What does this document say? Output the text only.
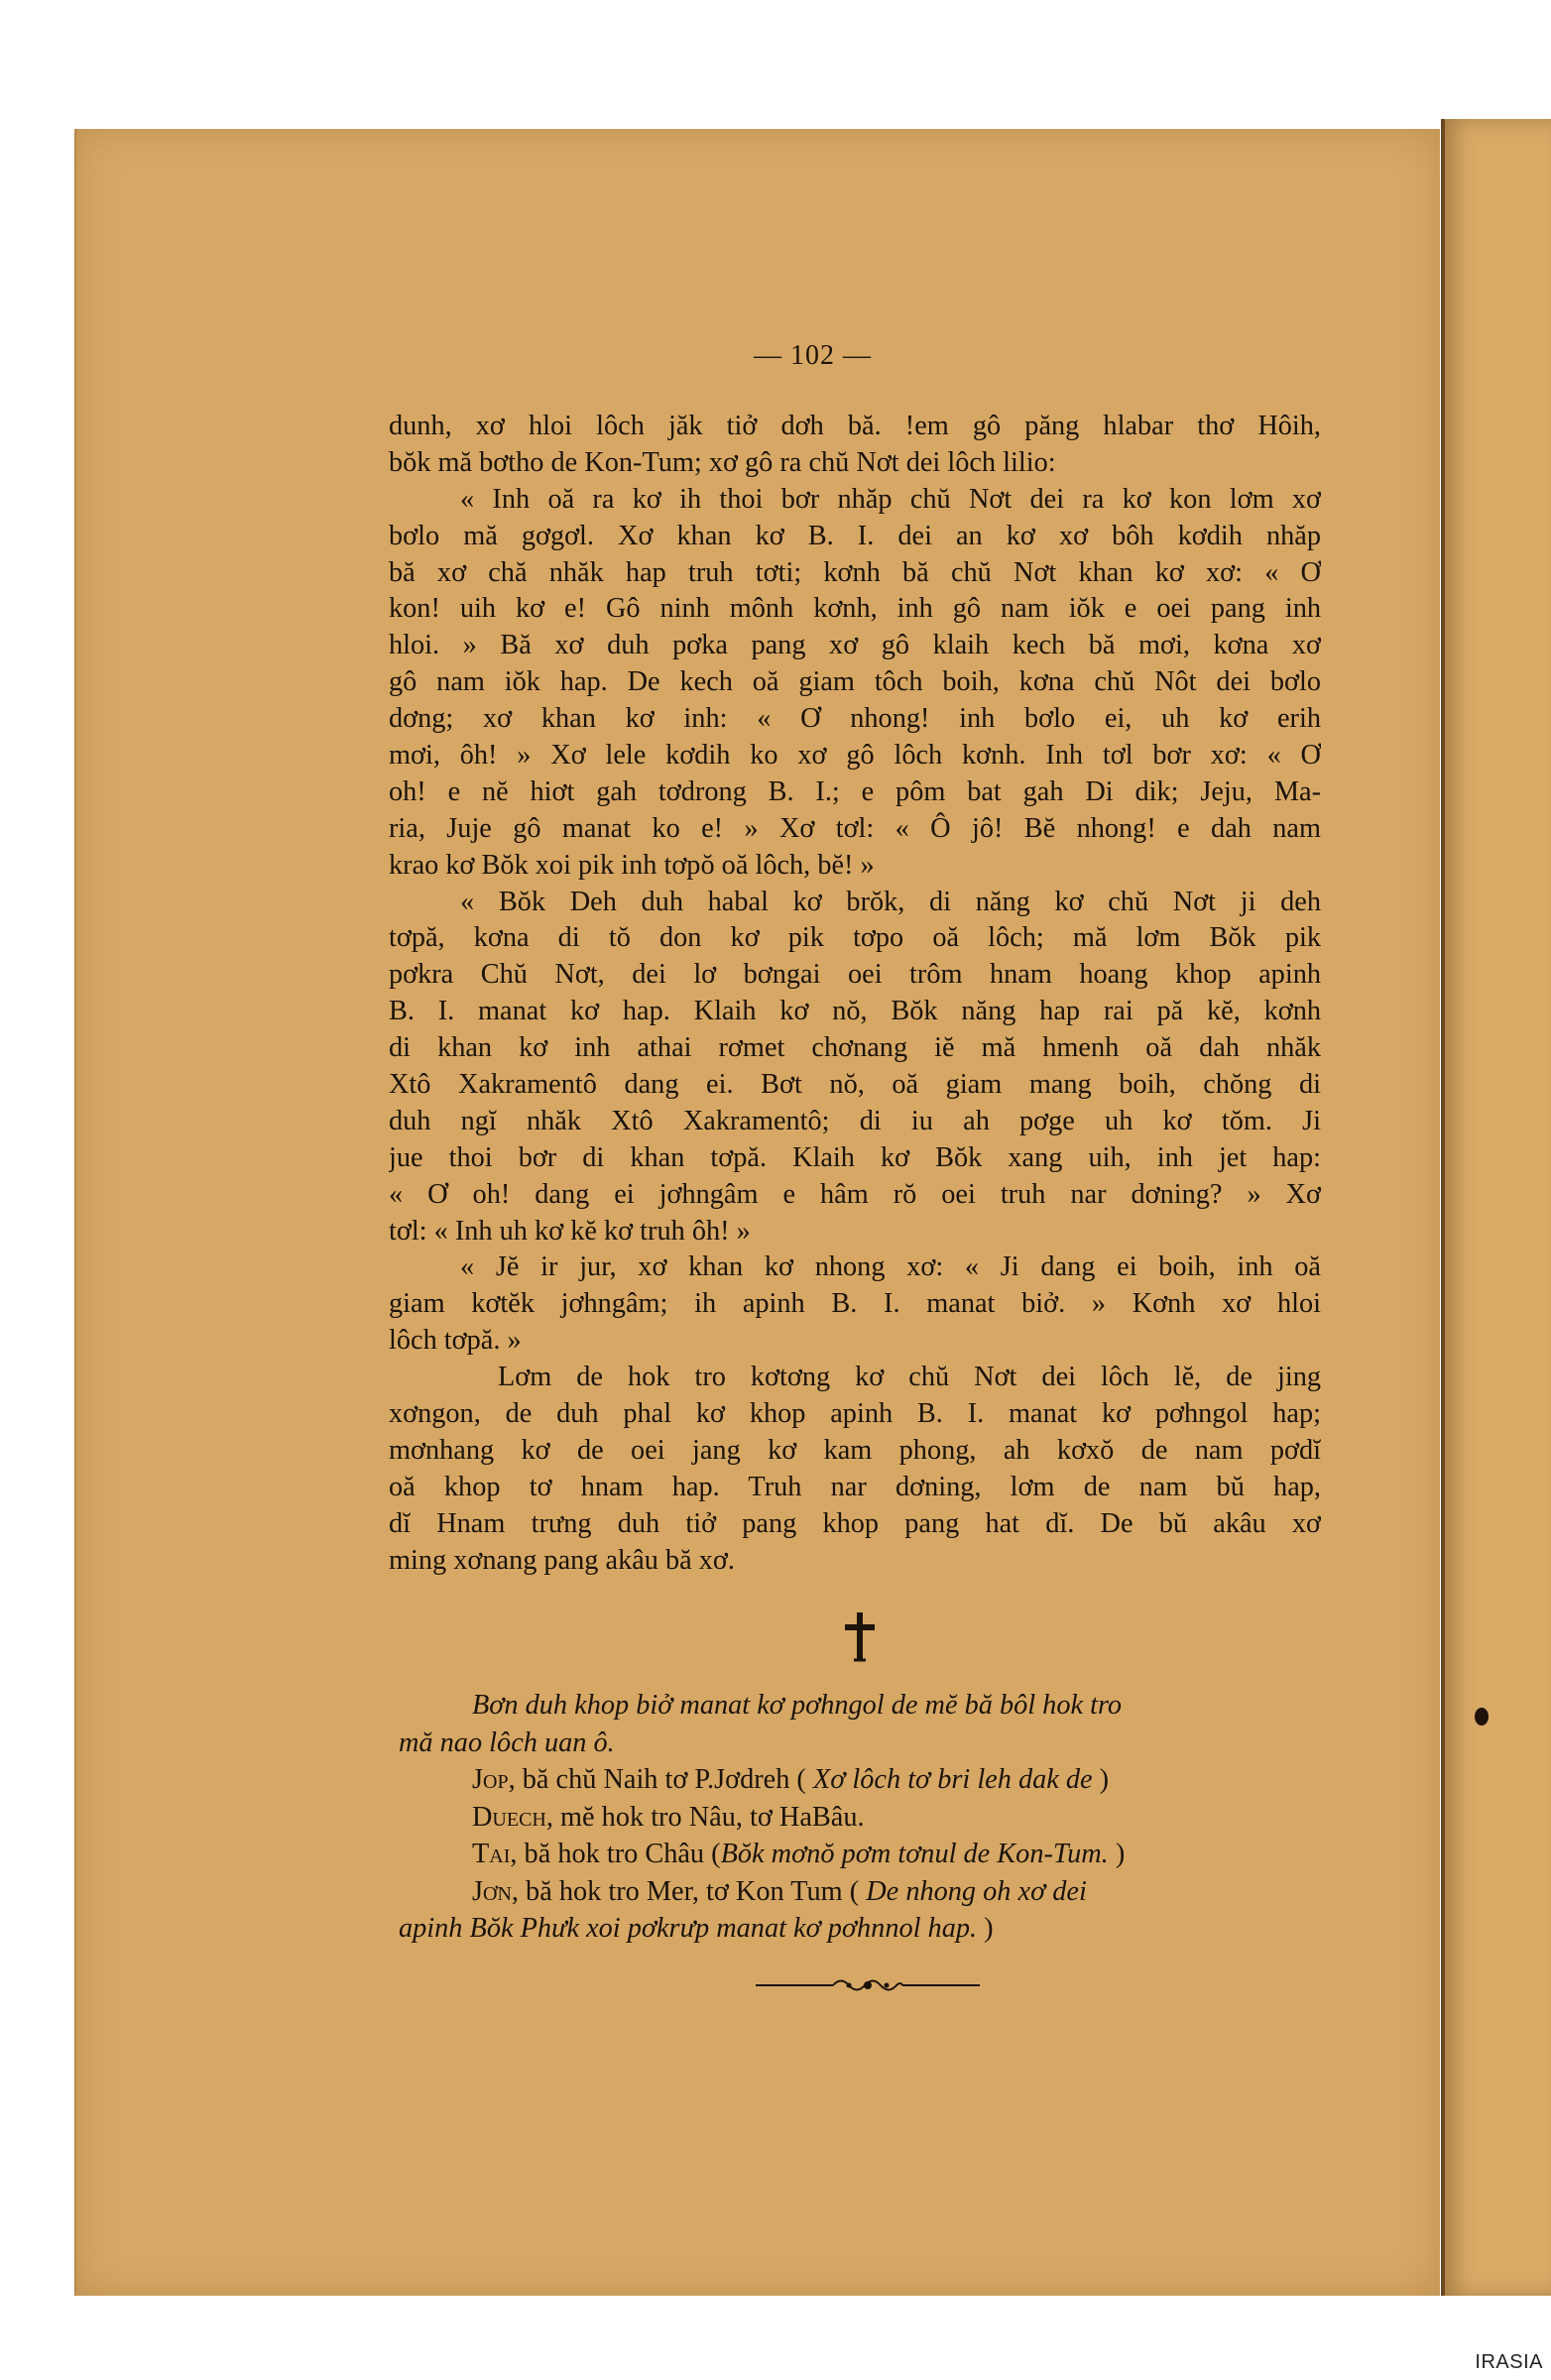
— 102 —
dunh, xơ hloi lôch jăk tiở dơh bă. !em gô păng hlabar thơ Hôih,
bŏk mă bơtho de Kon-Tum; xơ gô ra chŭ Nơt dei lôch lilio:
« Inh oă ra kơ ih thoi bơr nhăp chŭ Nơt dei ra kơ kon lơm xơ
bơlo mă gơgơl. Xơ khan kơ B. I. dei an kơ xơ bôh kơdih nhăp
bă xơ chă nhăk hap truh tơti; kơnh bă chŭ Nơt khan kơ xơ: « Ơ
kon! uih kơ e! Gô ninh mônh kơnh, inh gô nam iŏk e oei pang inh
hloi. » Bă xơ duh pơka pang xơ gô klaih kech bă mơi, kơna xơ
gô nam iŏk hap. De kech oă giam tôch boih, kơna chŭ Nôt dei bơlo
dơng; xơ khan kơ inh: « Ơ nhong! inh bơlo ei, uh kơ erih
mơi, ôh! » Xơ lele kơdih ko xơ gô lôch kơnh. Inh tơl bơr xơ: « Ơ
oh! e nĕ hiơt gah tơdrong B. I.; e pôm bat gah Di dik; Jeju, Ma-
ria, Juje gô manat ko e! » Xơ tơl: « Ô jô! Bĕ nhong! e dah nam
krao kơ Bŏk xoi pik inh tơpŏ oă lôch, bĕ! »
« Bŏk Deh duh habal kơ brŏk, di năng kơ chŭ Nơt ji deh
tơpă, kơna di tŏ don kơ pik tơpo oă lôch; mă lơm Bŏk pik
pơkra Chŭ Nơt, dei lơ bơngai oei trôm hnam hoang khop apinh
B. I. manat kơ hap. Klaih kơ nŏ, Bŏk năng hap rai pă kĕ, kơnh
di khan kơ inh athai rơmet chơnang iĕ mă hmenh oă dah nhăk
Xtô Xakramentô dang ei. Bơt nŏ, oă giam mang boih, chŏng di
duh ngĭ nhăk Xtô Xakramentô; di iu ah pơge uh kơ tŏm. Ji
jue thoi bơr di khan tơpă. Klaih kơ Bŏk xang uih, inh jet hap:
« Ơ oh! dang ei jơhngâm e hâm rŏ oei truh nar dơning? » Xơ
tơl: « Inh uh kơ kĕ kơ truh ôh! »
« Jĕ ir jur, xơ khan kơ nhong xơ: « Ji dang ei boih, inh oă
giam kơtĕk jơhngâm; ih apinh B. I. manat biở. » Kơnh xơ hloi
lôch tơpă. »
Lơm de hok tro kơtơng kơ chŭ Nơt dei lôch lĕ, de jing
xơngon, de duh phal kơ khop apinh B. I. manat kơ pơhngol hap;
mơnhang kơ de oei jang kơ kam phong, ah kơxŏ de nam pơdĭ
oă khop tơ hnam hap. Truh nar dơning, lơm de nam bŭ hap,
dĭ Hnam trưng duh tiở pang khop pang hat dĭ. De bŭ akâu xơ
ming xơnang pang akâu bă xơ.
Bơn duh khop biở manat kơ pơhngol de mĕ bă bôl hok tro
mă nao lôch uan ô.
Jop, bă chŭ Naih tơ P.Jơdreh ( Xơ lôch tơ bri leh dak de )
Duech, mĕ hok tro Nâu, tơ HaBâu.
Tai, bă hok tro Châu (Bŏk mơnŏ pơm tơnul de Kon-Tum. )
Jơn, bă hok tro Mer, tơ Kon Tum ( De nhong oh xơ dei
apinh Bŏk Phưk xoi pơkrưp manat kơ pơhnnol hap. )
IRASIA
